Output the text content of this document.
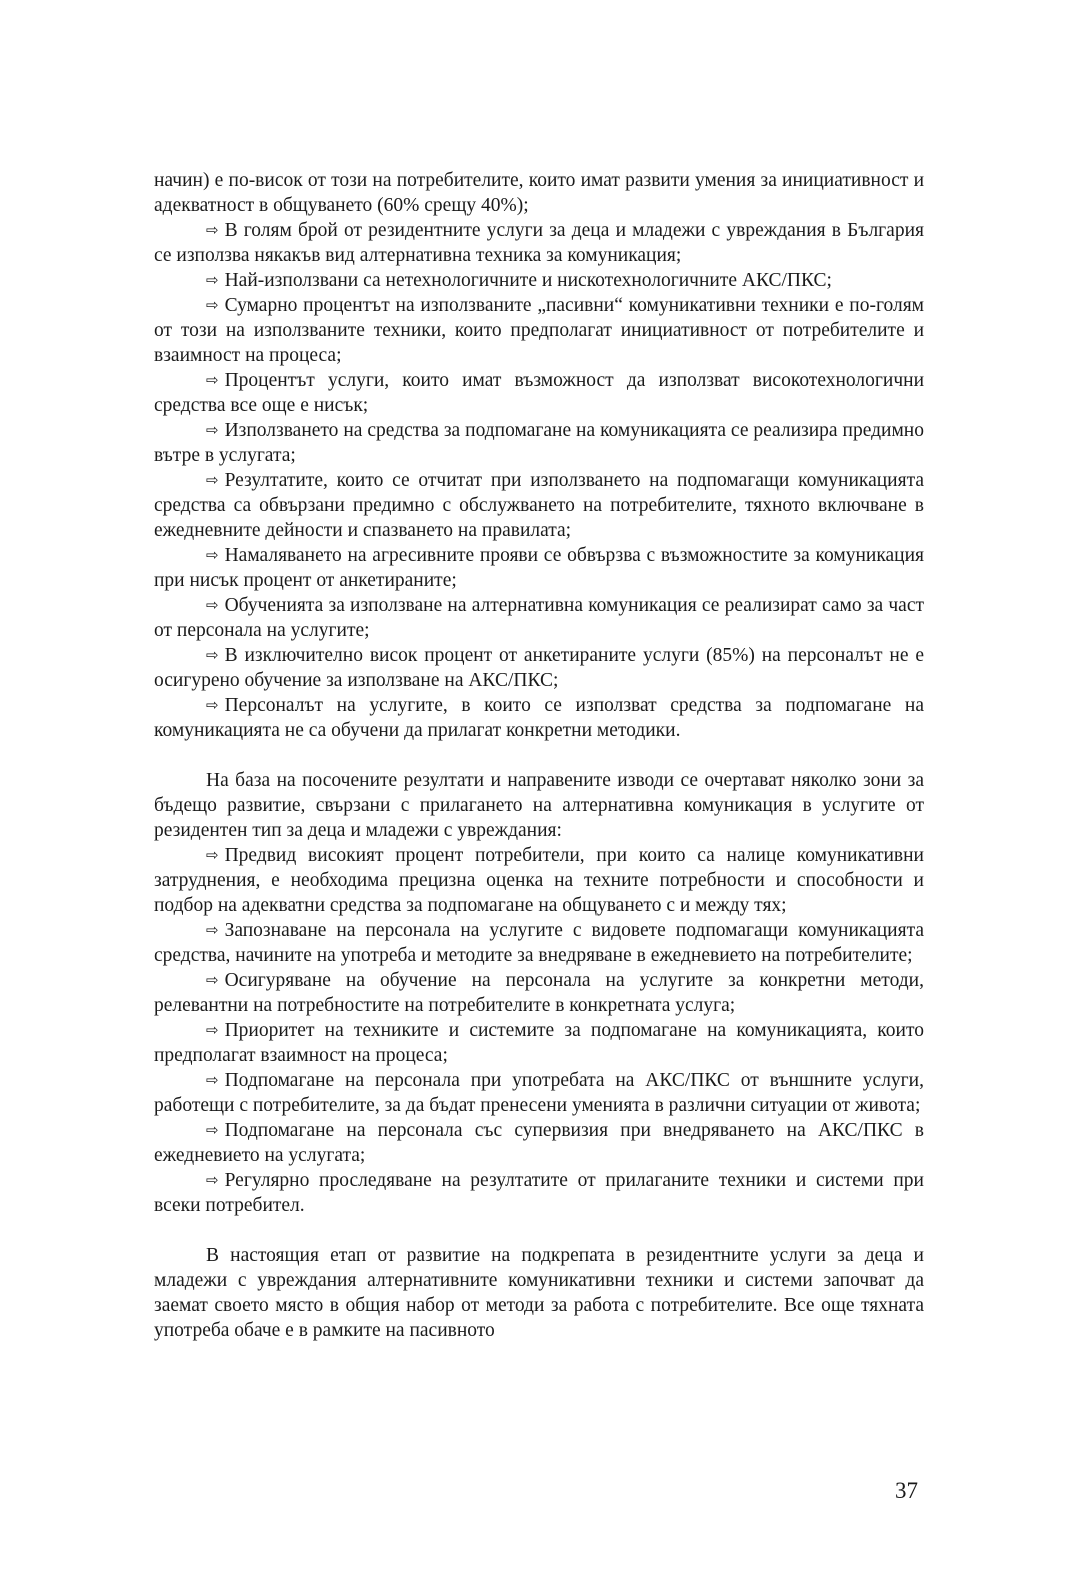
начин) е по-висок от този на потребителите, които имат развити умения за инициативност и адекватност в общуването (60% срещу 40%);

⇨ В голям брой от резидентните услуги за деца и младежи с увреждания в България се използва някакъв вид алтернативна техника за комуникация;

⇨ Най-използвани са нетехнологичните и нискотехнологичните АКС/ПКС;

⇨ Сумарно процентът на използваните „пасивни“ комуникативни техники е по-голям от този на използваните техники, които предполагат инициативност от потребителите и взаимност на процеса;

⇨ Процентът услуги, които имат възможност да използват високотехнологични средства все още е нисък;

⇨ Използването на средства за подпомагане на комуникацията се реализира предимно вътре в услугата;

⇨ Резултатите, които се отчитат при използването на подпомагащи комуникацията средства са обвързани предимно с обслужването на потребителите, тяхното включване в ежедневните дейности и спазването на правилата;

⇨ Намаляването на агресивните прояви се обвързва с възможностите за комуникация при нисък процент от анкетираните;

⇨ Обученията за използване на алтернативна комуникация се реализират само за част от персонала на услугите;

⇨ В изключително висок процент от анкетираните услуги (85%) на персоналът не е осигурено обучение за използване на АКС/ПКС;

⇨ Персоналът на услугите, в които се използват средства за подпомагане на комуникацията не са обучени да прилагат конкретни методики.

На база на посочените резултати и направените изводи се очертават няколко зони за бъдещо развитие, свързани с прилагането на алтернативна комуникация в услугите от резидентен тип за деца и младежи с увреждания:

⇨ Предвид високият процент потребители, при които са налице комуникативни затруднения, е необходима прецизна оценка на техните потребности и способности и подбор на адекватни средства за подпомагане на общуването с и между тях;

⇨ Запознаване на персонала на услугите с видовете подпомагащи комуникацията средства, начините на употреба и методите за внедряване в ежедневието на потребителите;

⇨ Осигуряване на обучение на персонала на услугите за конкретни методи, релевантни на потребностите на потребителите в конкретната услуга;

⇨ Приоритет на техниките и системите за подпомагане на комуникацията, които предполагат взаимност на процеса;

⇨ Подпомагане на персонала при употребата на АКС/ПКС от външните услуги, работещи с потребителите, за да бъдат пренесени уменията в различни ситуации от живота;

⇨ Подпомагане на персонала със супервизия при внедряването на АКС/ПКС в ежедневието на услугата;

⇨ Регулярно проследяване на резултатите от прилаганите техники и системи при всеки потребител.

В настоящия етап от развитие на подкрепата в резидентните услуги за деца и младежи с увреждания алтернативните комуникативни техники и системи започват да заемат своето място в общия набор от методи за работа с потребителите. Все още тяхната употреба обаче е в рамките на пасивното

37
